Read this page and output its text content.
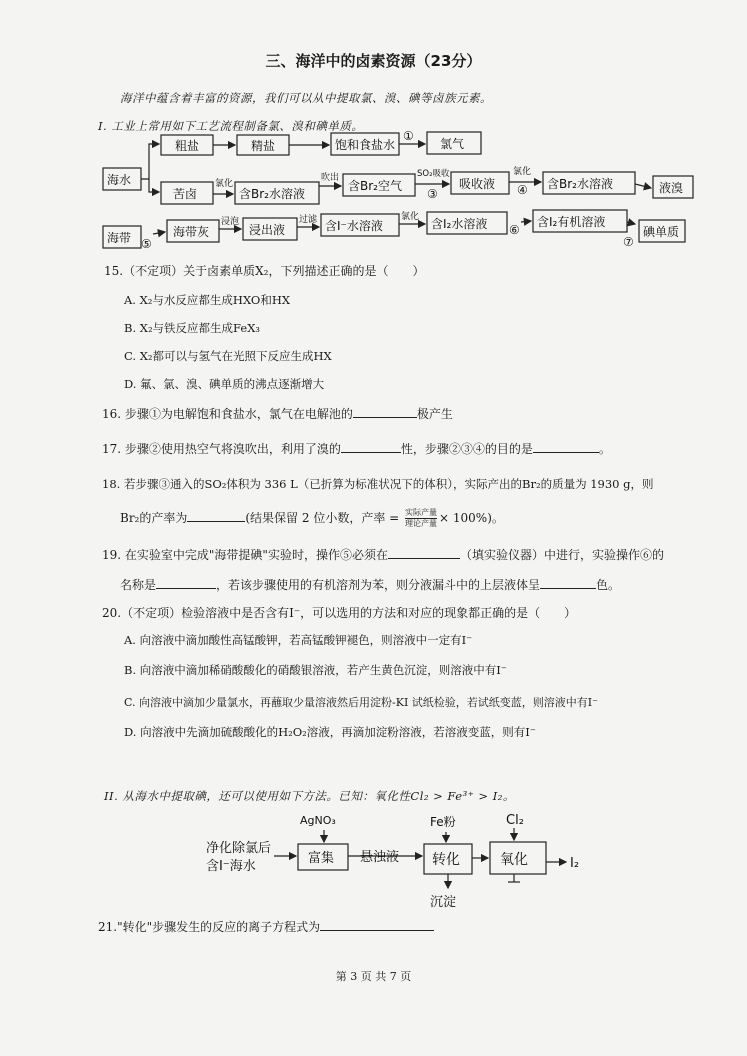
三、海洋中的卤素资源（23分）
海洋中蕴含着丰富的资源，我们可以从中提取氯、溴、碘等卤族元素。
I. 工业上常用如下工艺流程制备氯、溴和碘单质。
海水
粗盐	精盐	饱和食盐水
①
氯气
苦卤
氯化
含Br₂水溶液
吹出
含Br₂空气
SO₂吸收
③
吸收液
氯化
④ 含Br₂水溶液	液溴
海带 ⑤
海带灰
浸泡
浸出液
过滤 含I⁻水溶液
氯化 含I₂水溶液 ⑥
含I₂有机溶液
⑦
碘单质
15.（不定项）关于卤素单质X₂，下列描述正确的是（　　）
A. X₂与水反应都生成HXO和HX
B. X₂与铁反应都生成FeX₃
C. X₂都可以与氢气在光照下反应生成HX
D. 氟、氯、溴、碘单质的沸点逐渐增大
16. 步骤①为电解饱和食盐水，氯气在电解池的	极产生
17. 步骤②使用热空气将溴吹出，利用了溴的	性，步骤②③④的目的是	。
18. 若步骤③通入的SO₂体积为 336 L（已折算为标准状况下的体积），实际产出的Br₂的质量为 1930 g，则
Br₂的产率为	(结果保留 2 位小数，产率 = 实际产量
理论产量 × 100%)。
19. 在实验室中完成"海带提碘"实验时，操作⑤必须在	（填实验仪器）中进行，实验操作⑥的
名称是	，若该步骤使用的有机溶剂为苯，则分液漏斗中的上层液体呈	色。
20.（不定项）检验溶液中是否含有I⁻，可以选用的方法和对应的现象都正确的是（　　）
A. 向溶液中滴加酸性高锰酸钾，若高锰酸钾褪色，则溶液中一定有I⁻
B. 向溶液中滴加稀硝酸酸化的硝酸银溶液，若产生黄色沉淀，则溶液中有I⁻
C. 向溶液中滴加少量氯水，再蘸取少量溶液然后用淀粉-KI 试纸检验，若试纸变蓝，则溶液中有I⁻
D. 向溶液中先滴加硫酸酸化的H₂O₂溶液，再滴加淀粉溶液，若溶液变蓝，则有I⁻
II. 从海水中提取碘，还可以使用如下方法。已知：氧化性Cl₂ > Fe³⁺ > I₂。
净化除氯后
含I⁻海水
AgNO₃
富集 悬浊液
Fe粉
转化
沉淀
Cl₂
氧化	I₂
21."转化"步骤发生的反应的离子方程式为
第 3 页 共 7 页
